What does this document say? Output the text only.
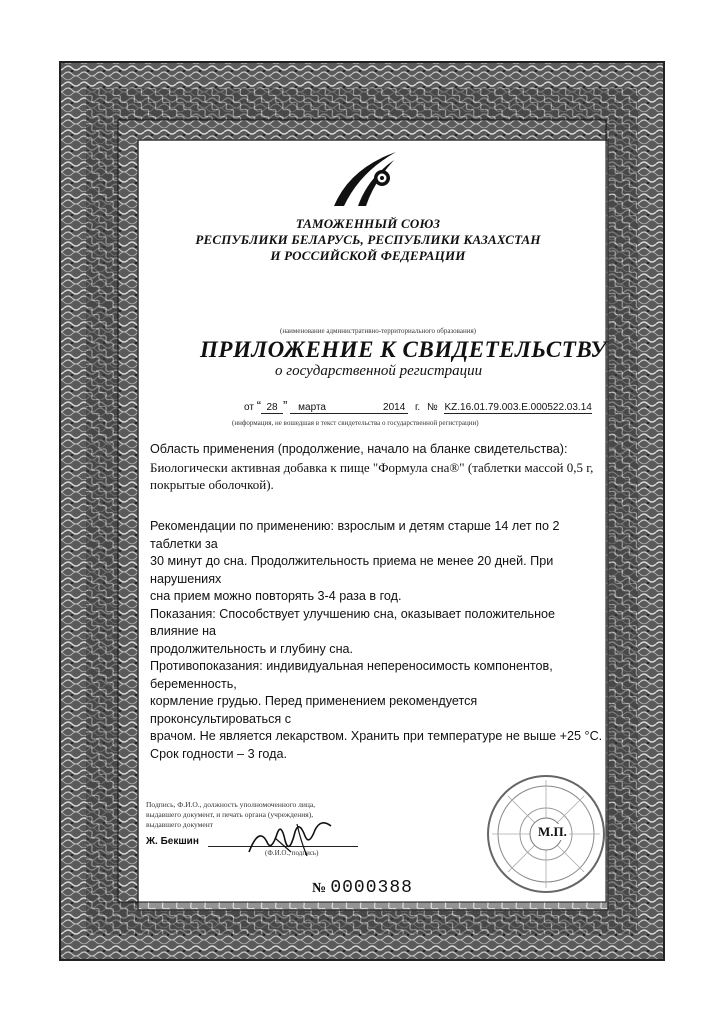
ТАМОЖЕННЫЙ СОЮЗ
РЕСПУБЛИКИ БЕЛАРУСЬ, РЕСПУБЛИКИ КАЗАХСТАН
И РОССИЙСКОЙ ФЕДЕРАЦИИ
(наименование административно-территориального образования)
ПРИЛОЖЕНИЕ К СВИДЕТЕЛЬСТВУ
о государственной регистрации
от “ 28 ” марта	2014 г. № KZ.16.01.79.003.E.000522.03.14
(информация, не вошедшая в текст свидетельства о государственной регистрации)

Область применения (продолжение, начало на бланке свидетельства):

Биологически активная добавка к пище "Формула сна®" (таблетки массой 0,5 г,

покрытые оболочкой).

Рекомендации по применению: взрослым и детям старше 14 лет по 2 таблетки за

30 минут до сна. Продолжительность приема не менее 20 дней. При нарушениях

сна прием можно повторять 3-4 раза в год.

Показания: Способствует улучшению сна, оказывает положительное влияние на

продолжительность и глубину сна.

Противопоказания: индивидуальная непереносимость компонентов, беременность,

кормление грудью. Перед применением рекомендуется проконсультироваться с

врачом. Не является лекарством. Хранить при температуре не выше +25 °С.

Срок годности – 3 года.

Подпись, Ф.И.О., должность уполномоченного лица,
выдавшего документ, и печать органа (учреждения),
выдавшего документ
Ж. Бекшин
(Ф.И.О., подпись)
М.П.
№ 0000388
